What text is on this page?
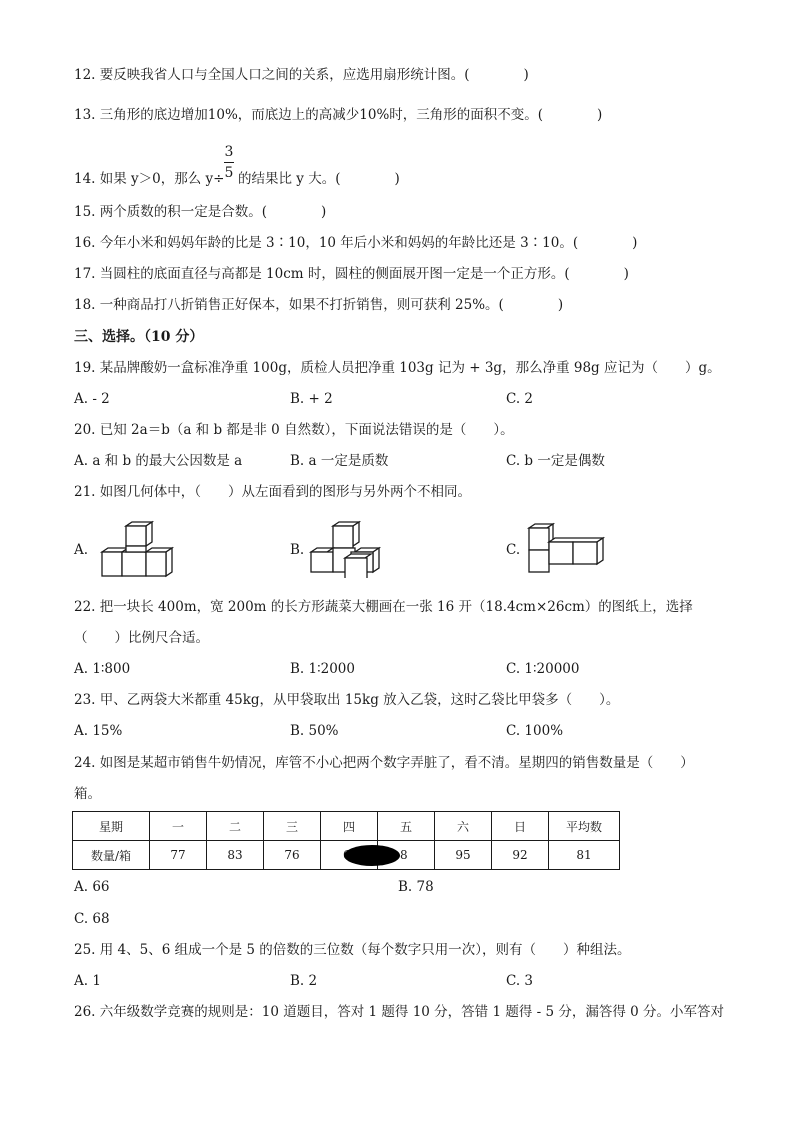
12. 要反映我省人口与全国人口之间的关系，应选用扇形统计图。(　　　　)
13. 三角形的底边增加10%，而底边上的高减少10%时，三角形的面积不变。(　　　　)
14. 如果 y＞0，那么 y÷
3
5 的结果比 y 大。(　　　　)
15. 两个质数的积一定是合数。(　　　　)
16. 今年小米和妈妈年龄的比是 3∶10，10 年后小米和妈妈的年龄比还是 3∶10。(　　　　)
17. 当圆柱的底面直径与高都是 10cm 时，圆柱的侧面展开图一定是一个正方形。(　　　　)
18. 一种商品打八折销售正好保本，如果不打折销售，则可获利 25%。(　　　　)
三、选择。（10 分）
19. 某品牌酸奶一盒标准净重 100g，质检人员把净重 103g 记为 + 3g，那么净重 98g 应记为（　　）g。
A. - 2	B. + 2	C. 2
20. 已知 2a＝b（a 和 b 都是非 0 自然数），下面说法错误的是（　　）。
A. a 和 b 的最大公因数是 a	B. a 一定是质数	C. b 一定是偶数
21. 如图几何体中，（　　）从左面看到的图形与另外两个不相同。
A.	B.	C.
22. 把一块长 400m，宽 200m 的长方形蔬菜大棚画在一张 16 开（18.4cm×26cm）的图纸上，选择
（　　）比例尺合适。
A. 1∶800	B. 1∶2000	C. 1∶20000
23. 甲、乙两袋大米都重 45kg，从甲袋取出 15kg 放入乙袋，这时乙袋比甲袋多（　　）。
A. 15%	B. 50%	C. 100%
24. 如图是某超市销售牛奶情况，库管不小心把两个数字弄脏了，看不清。星期四的销售数量是（　　）
箱。
星期	一	二	三	四	五	六	日	平均数
数量/箱	77	83	76		8	95	92	81
A. 66	B. 78
C. 68
25. 用 4、5、6 组成一个是 5 的倍数的三位数（每个数字只用一次），则有（　　）种组法。
A. 1	B. 2	C. 3
26. 六年级数学竞赛的规则是：10 道题目，答对 1 题得 10 分，答错 1 题得 - 5 分，漏答得 0 分。小军答对
